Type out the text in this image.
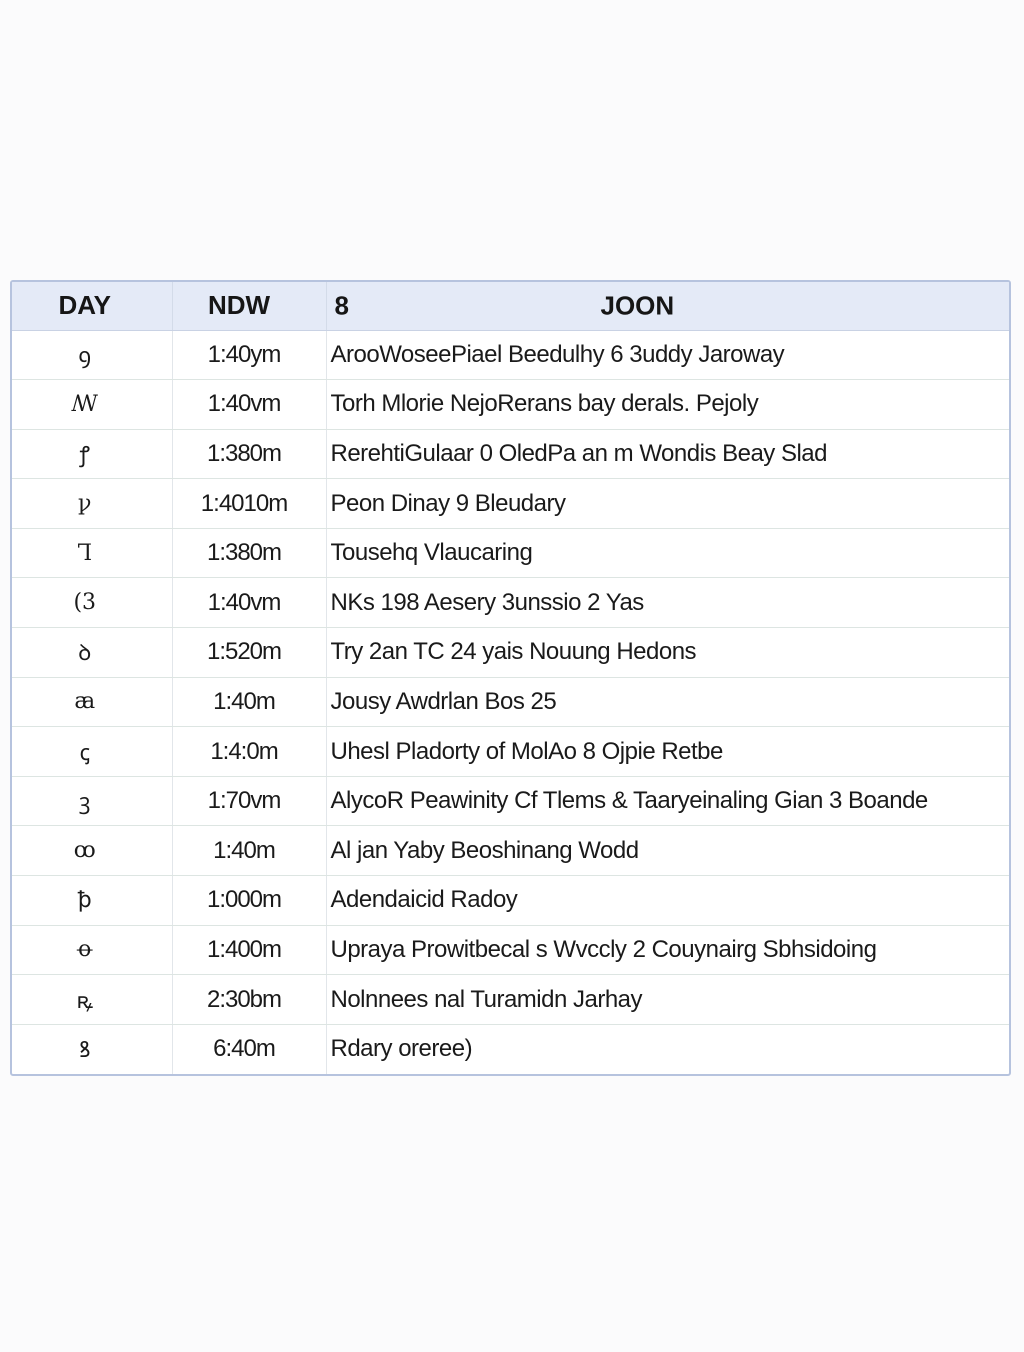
DAY	NDW	8 JOON

ꝯ	1:40ym	ArooWoseePiael Beedulhy 6 3uddy Jaroway
ꟿ	1:40vm	Torh Mlorie NejoRerans bay derals. Pejoly
ꝭ	1:380m	RerehtiGulaar 0 OledPa an m Wondis Beay Slad
ꝩ	1:4010m	Peon Dinay 9 Bleudary
Ꞁ	1:380m	Tousehq Vlaucaring
(3	1:40vm	NKs 198 Aesery 3unssio 2 Yas
ꝺ	1:520m	Try 2an TC 24 yais Nouung Hedons
ꜳ	1:40m	Jousy Awdrlan Bos 25
ꞔ	1:4:0m	Uhesl Pladorty of MolAo 8 Ojpie Retbe
ꝫ	1:70vm	AlycoR Peawinity Cf Tlems & Taaryeinaling Gian 3 Boande
ꝏ	1:40m	Al jan Yaby Beoshinang Wodd
ꝥ	1:000m	Adendaicid Radoy
ꝋ	1:400m	Upraya Prowitbecal s Wvccly 2 Couynairg Sbhsidoing
ꝶ	2:30bm	Nolnnees nal Turamidn Jarhay
ꝸ	6:40m	Rdary oreree)
